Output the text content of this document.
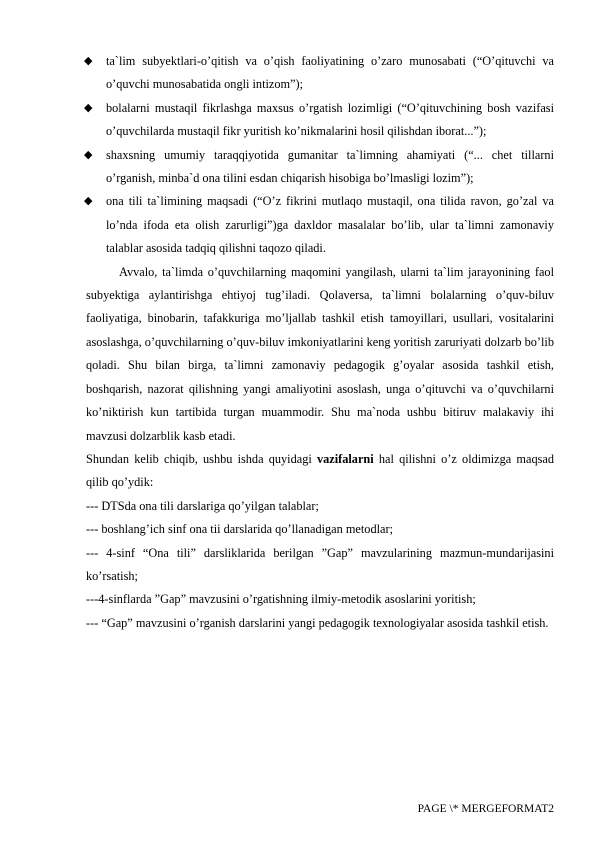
◆ ta`lim subyektlari-o’qitish va o’qish faoliyatining o’zaro munosabati (“O’qituvchi va o’quvchi munosabatida ongli intizom”);
◆ bolalarni mustaqil fikrlashga maxsus o’rgatish lozimligi (“O’qituvchining bosh vazifasi o’quvchilarda mustaqil fikr yuritish ko’nikmalarini hosil qilishdan iborat...”);
◆ shaxsning umumiy taraqqiyotida gumanitar ta`limning ahamiyati (“... chet tillarni o’rganish, minba`d ona tilini esdan chiqarish hisobiga bo’lmasligi lozim”);
◆ ona tili ta`limining maqsadi (“O’z fikrini mutlaqo mustaqil, ona tilida ravon, go’zal va lo’nda ifoda eta olish zarurligi”)ga daxldor masalalar bo’lib, ular ta`limni zamonaviy talablar asosida tadqiq qilishni taqozo qiladi.
Avvalo, ta`limda o’quvchilarning maqomini yangilash, ularni ta`lim jarayonining faol subyektiga aylantirishga ehtiyoj tug’iladi. Qolaversa, ta`limni bolalarning o’quv-biluv faoliyatiga, binobarin, tafakkuriga mo’ljallab tashkil etish tamoyillari, usullari, vositalarini asoslashga, o’quvchilarning o’quv-biluv imkoniyatlarini keng yoritish zaruriyati dolzarb bo’lib qoladi. Shu bilan birga, ta`limni zamonaviy pedagogik g’oyalar asosida tashkil etish, boshqarish, nazorat qilishning yangi amaliyotini asoslash, unga o’qituvchi va o’quvchilarni ko’niktirish kun tartibida turgan muammodir. Shu ma`noda ushbu bitiruv malakaviy ihi mavzusi dolzarblik kasb etadi.
Shundan kelib chiqib, ushbu ishda quyidagi vazifalarni hal qilishni o’z oldimizga maqsad qilib qo’ydik:
--- DTSda ona tili darslariga qo’yilgan talablar;
--- boshlang’ich sinf ona tii darslarida qo’llanadigan metodlar;
--- 4-sinf “Ona tili” darsliklarida berilgan ”Gap” mavzularining mazmun-mundarijasini ko’rsatish;
---4-sinflarda ”Gap” mavzusini o’rgatishning ilmiy-metodik asoslarini yoritish;
--- “Gap” mavzusini o’rganish darslarini yangi pedagogik texnologiyalar asosida tashkil etish.
PAGE \* MERGEFORMAT2
